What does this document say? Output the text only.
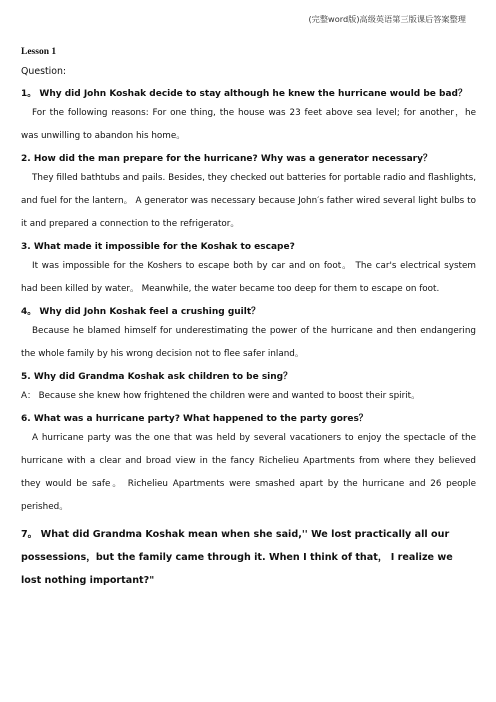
(完整word版)高级英语第三版课后答案整理
Lesson 1
Question:

1。 Why did John Koshak decide to stay although he knew the hurricane would be bad？

For the following reasons: For one thing, the house was 23 feet above sea level; for another，he was unwilling to abandon his home。

2. How did the man prepare for the hurricane? Why was a generator necessary？

They filled bathtubs and pails. Besides, they checked out batteries for portable radio and flashlights, and fuel for the lantern。 A generator was necessary because John′s father wired several light bulbs to it and prepared a connection to the refrigerator。

3. What made it impossible for the Koshak to escape?

It was impossible for the Koshers to escape both by car and on foot。 The car's electrical system had been killed by water。 Meanwhile, the water became too deep for them to escape on foot.

4。 Why did John Koshak feel a crushing guilt？

Because he blamed himself for underestimating the power of the hurricane and then endangering the whole family by his wrong decision not to flee safer inland。

5. Why did Grandma Koshak ask children to be sing？

A： Because she knew how frightened the children were and wanted to boost their spirit。

6. What was a hurricane party? What happened to the party gores？

A hurricane party was the one that was held by several vacationers to enjoy the spectacle of the hurricane with a clear and broad view in the fancy Richelieu Apartments from where they believed they would be safe。 Richelieu Apartments were smashed apart by the hurricane and 26 people perished。

7。 What did Grandma Koshak mean when she said,'' We lost practically all our possessions，but the family came through it. When I think of that， I realize we lost nothing important?"
